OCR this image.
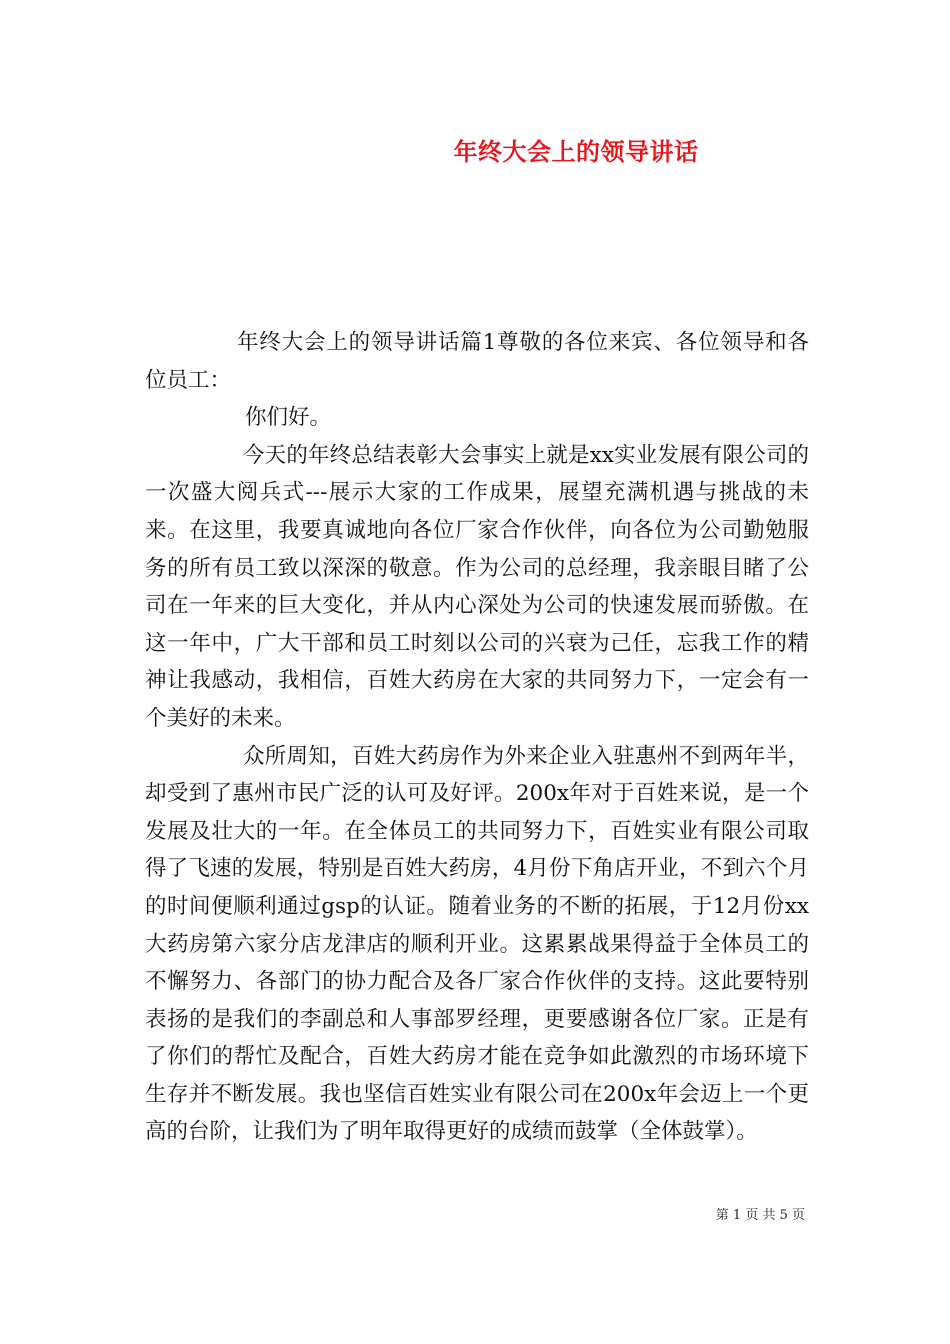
年终大会上的领导讲话

年终大会上的领导讲话篇1尊敬的各位来宾、各位领导和各位员工：

你们好。

今天的年终总结表彰大会事实上就是xx实业发展有限公司的一次盛大阅兵式---展示大家的工作成果，展望充满机遇与挑战的未来。在这里，我要真诚地向各位厂家合作伙伴，向各位为公司勤勉服务的所有员工致以深深的敬意。作为公司的总经理，我亲眼目睹了公司在一年来的巨大变化，并从内心深处为公司的快速发展而骄傲。在这一年中，广大干部和员工时刻以公司的兴衰为己任，忘我工作的精神让我感动，我相信，百姓大药房在大家的共同努力下，一定会有一个美好的未来。

众所周知，百姓大药房作为外来企业入驻惠州不到两年半，却受到了惠州市民广泛的认可及好评。200x年对于百姓来说，是一个发展及壮大的一年。在全体员工的共同努力下，百姓实业有限公司取得了飞速的发展，特别是百姓大药房，4月份下角店开业，不到六个月的时间便顺利通过gsp的认证。随着业务的不断的拓展，于12月份xx大药房第六家分店龙津店的顺利开业。这累累战果得益于全体员工的不懈努力、各部门的协力配合及各厂家合作伙伴的支持。这此要特别表扬的是我们的李副总和人事部罗经理，更要感谢各位厂家。正是有了你们的帮忙及配合，百姓大药房才能在竞争如此激烈的市场环境下生存并不断发展。我也坚信百姓实业有限公司在200x年会迈上一个更高的台阶，让我们为了明年取得更好的成绩而鼓掌（全体鼓掌）。

第 1 页 共 5 页
